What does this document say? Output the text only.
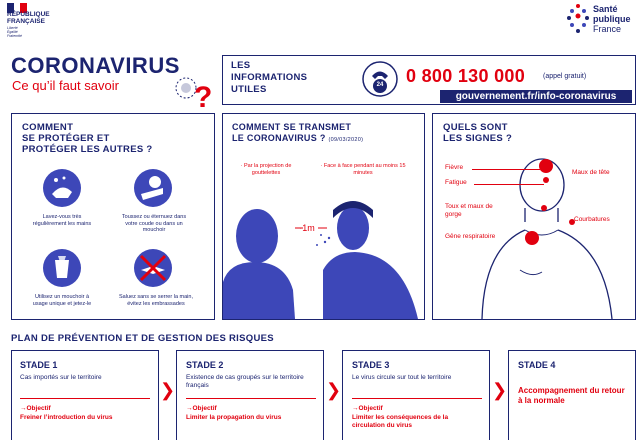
RÉPUBLIQUE
FRANÇAISE
Liberté
Égalité
Fraternité
CORONAVIRUS
Ce qu’il faut savoir	?
Santé
publique
France
LES
INFORMATIONS
UTILES	24 0 800 130 000	(appel gratuit)
gouvernement.fr/info-coronavirus
COMMENT
SE PROTÉGER ET
PROTÉGER LES AUTRES ?
Lavez-vous très régulièrement les mains
Toussez ou éternuez dans votre coude ou dans un mouchoir
Utilisez un mouchoir à usage unique et jetez-le
Saluez sans se serrer la main, évitez les embrassades
COMMENT SE TRANSMET
LE CORONAVIRUS ? (09/03/2020)
· Par la projection de gouttelettes
· Face à face pendant au moins 15 minutes
~1m
QUELS SONT
LES SIGNES ?
Fièvre
Fatigue
Toux et maux de gorge
Gêne respiratoire
Maux de tête
Courbatures
PLAN DE PRÉVENTION ET DE GESTION DES RISQUES
STADE 1
Cas importés sur le territoire
→Objectif
Freiner l’introduction du virus
❯
STADE 2
Existence de cas groupés sur le territoire français
→Objectif
Limiter la propagation du virus
❯
STADE 3
Le virus circule sur tout le territoire
→Objectif
Limiter les conséquences de la circulation du virus
❯
STADE 4
Accompagnement du retour à la normale
